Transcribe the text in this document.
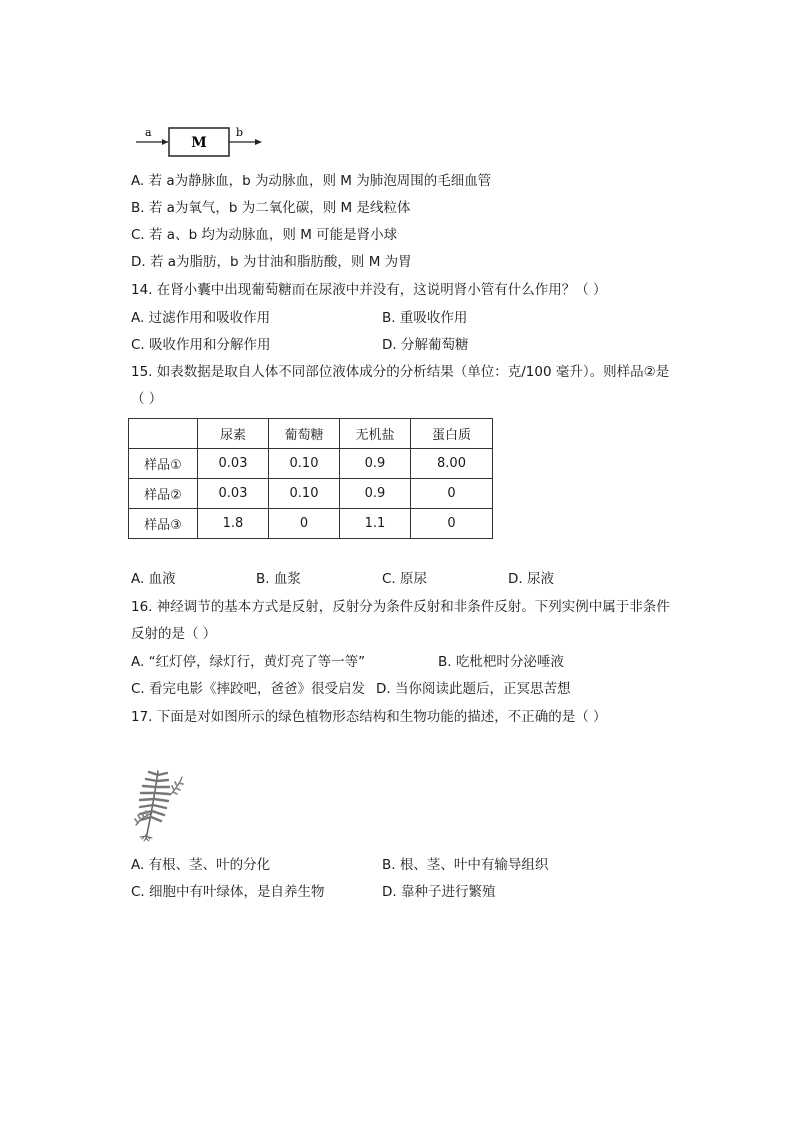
a
M
b
A. 若 a为静脉血，b 为动脉血，则 M 为肺泡周围的毛细血管
B. 若 a为氧气，b 为二氧化碳，则 M 是线粒体
C. 若 a、b 均为动脉血，则 M 可能是肾小球
D. 若 a为脂肪，b 为甘油和脂肪酸，则 M 为胃
14. 在肾小囊中出现葡萄糖而在尿液中并没有，这说明肾小管有什么作用？（ ）
A. 过滤作用和吸收作用	B. 重吸收作用
C. 吸收作用和分解作用	D. 分解葡萄糖
15. 如表数据是取自人体不同部位液体成分的分析结果（单位：克/100 毫升）。则样品②是
（ ）
	尿素	葡萄糖	无机盐	蛋白质
样品①	0.03	0.10	0.9	8.00
样品②	0.03	0.10	0.9	0
样品③	1.8	0	1.1	0
A. 血液	B. 血浆	C. 原尿	D. 尿液
16. 神经调节的基本方式是反射，反射分为条件反射和非条件反射。下列实例中属于非条件
反射的是（ ）
A. “红灯停，绿灯行，黄灯亮了等一等”	B. 吃枇杷时分泌唾液
C. 看完电影《摔跤吧，爸爸》很受启发 D. 当你阅读此题后，正冥思苦想
17. 下面是对如图所示的绿色植物形态结构和生物功能的描述，不正确的是（ ）
A. 有根、茎、叶的分化	B. 根、茎、叶中有输导组织
C. 细胞中有叶绿体，是自养生物	D. 靠种子进行繁殖
